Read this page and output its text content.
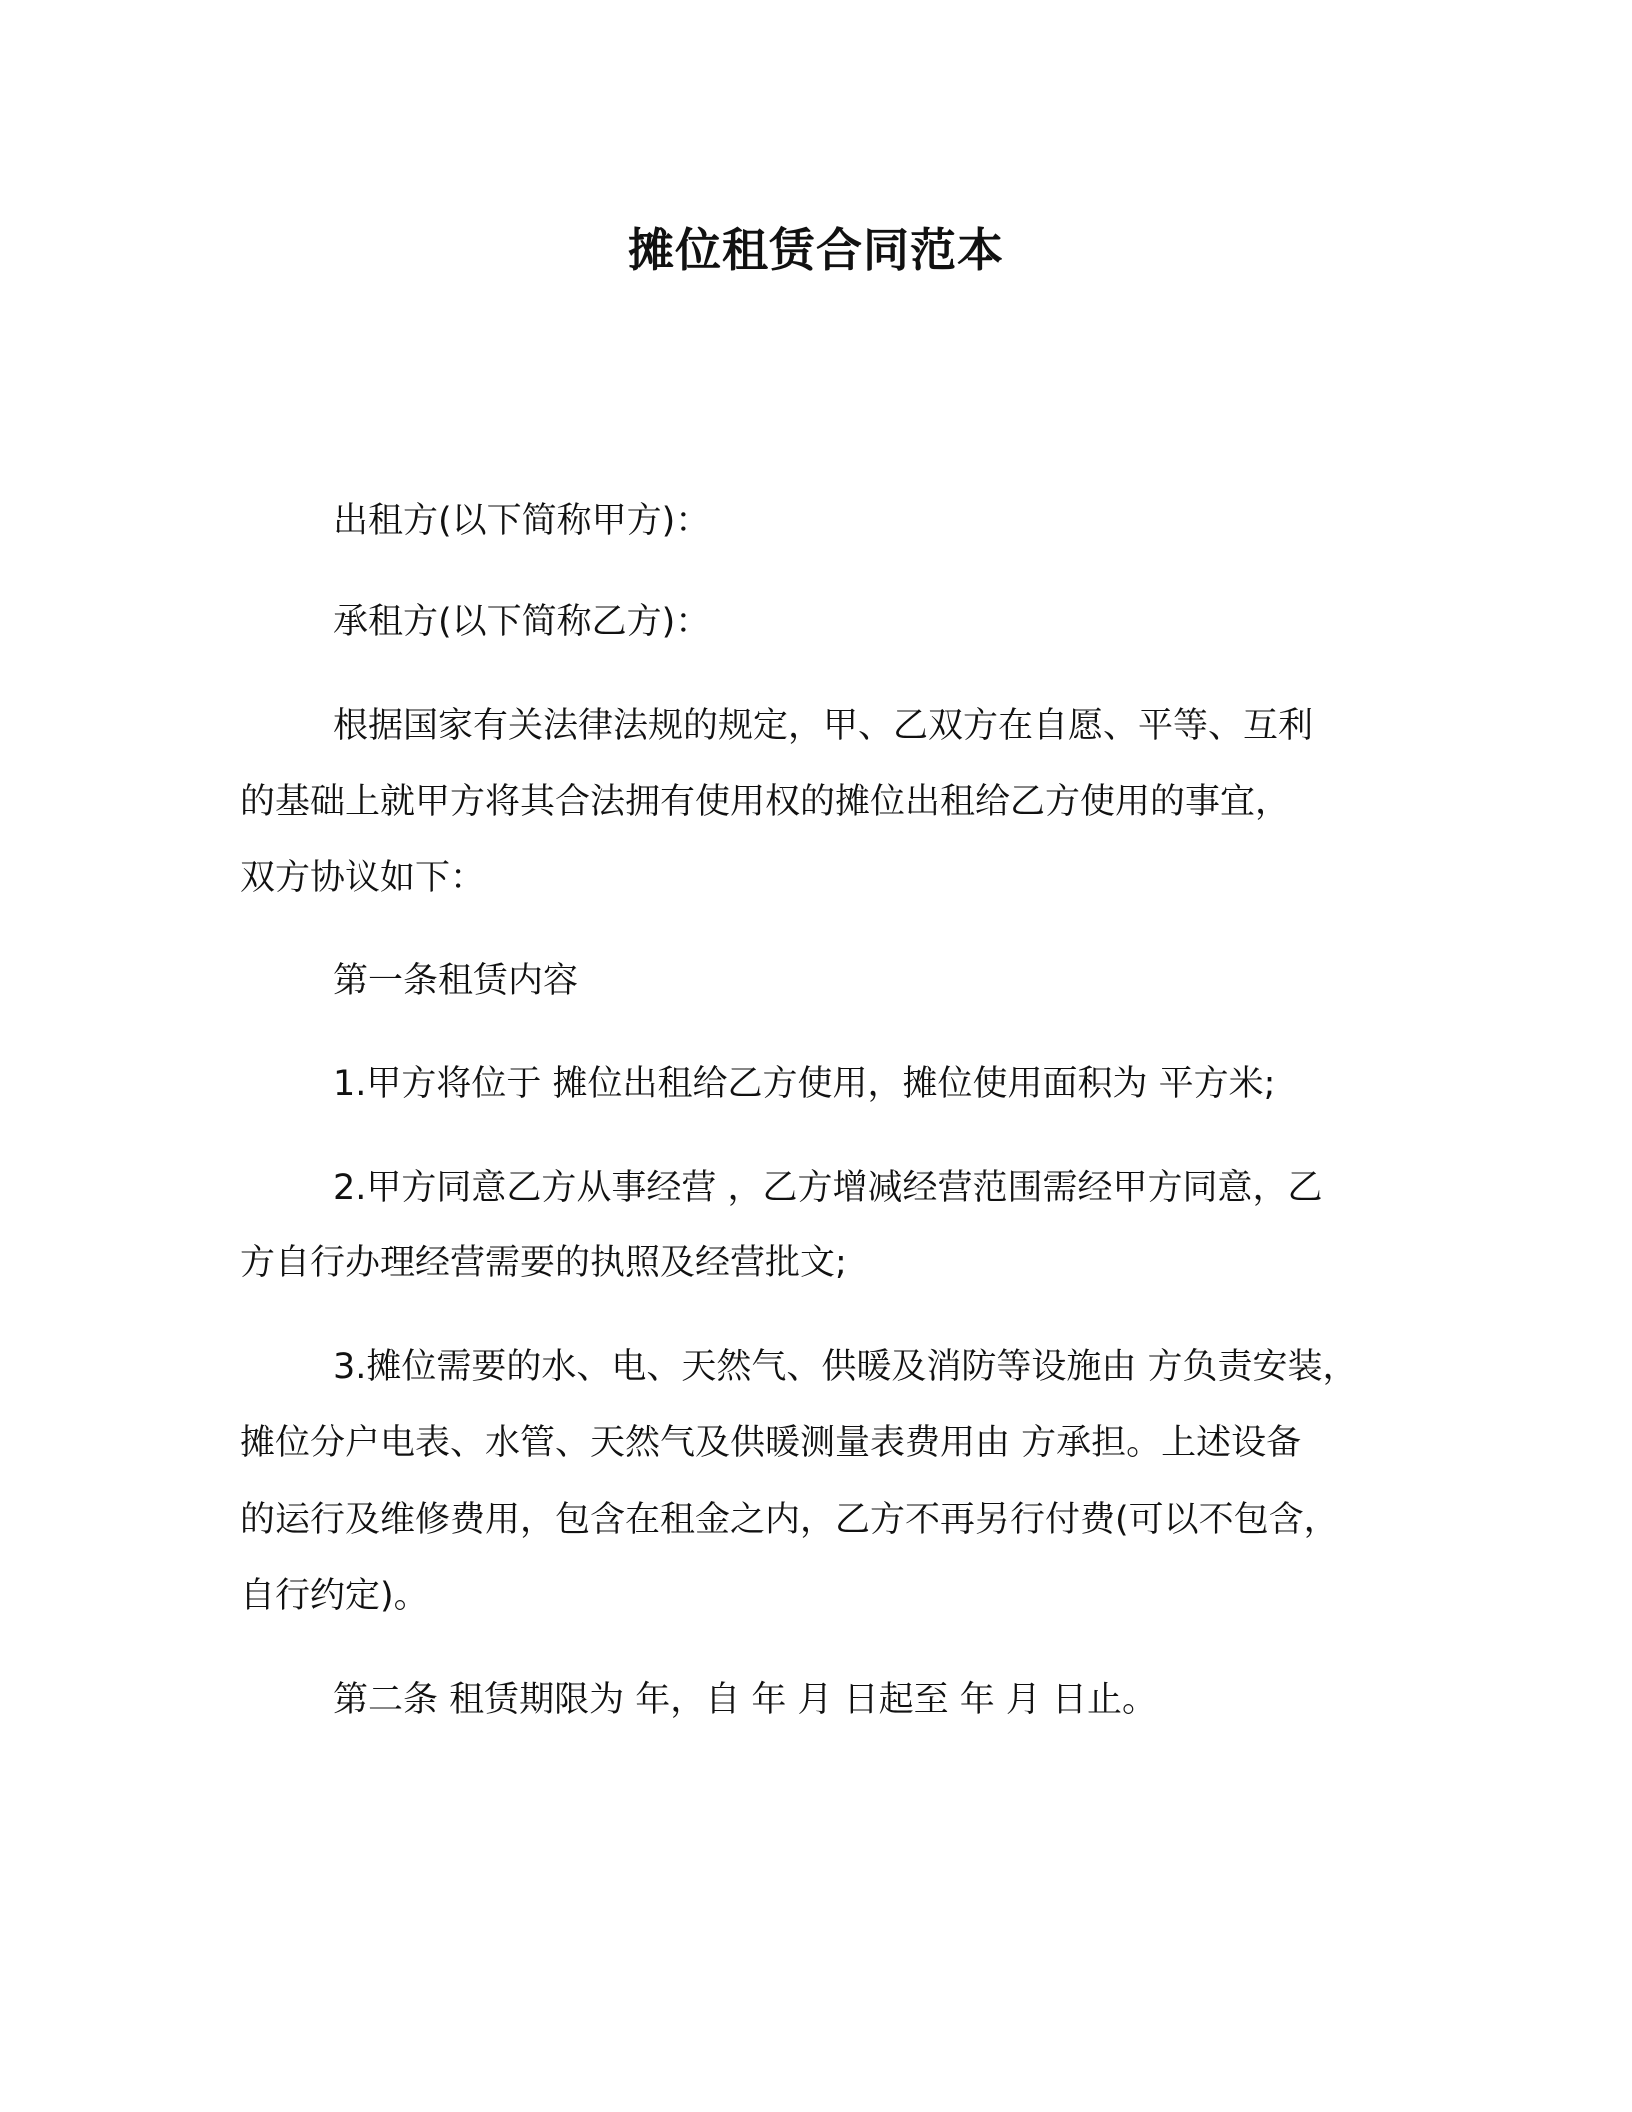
摊位租赁合同范本
出租方(以下简称甲方)：
承租方(以下简称乙方)：
根据国家有关法律法规的规定，甲、乙双方在自愿、平等、互利
的基础上就甲方将其合法拥有使用权的摊位出租给乙方使用的事宜，
双方协议如下：
第一条租赁内容
1.甲方将位于 摊位出租给乙方使用，摊位使用面积为 平方米;
2.甲方同意乙方从事经营 ，乙方增减经营范围需经甲方同意，乙
方自行办理经营需要的执照及经营批文;
3.摊位需要的水、电、天然气、供暖及消防等设施由 方负责安装，
摊位分户电表、水管、天然气及供暖测量表费用由 方承担。上述设备
的运行及维修费用，包含在租金之内，乙方不再另行付费(可以不包含，
自行约定)。
第二条 租赁期限为 年，自 年 月 日起至 年 月 日止。
